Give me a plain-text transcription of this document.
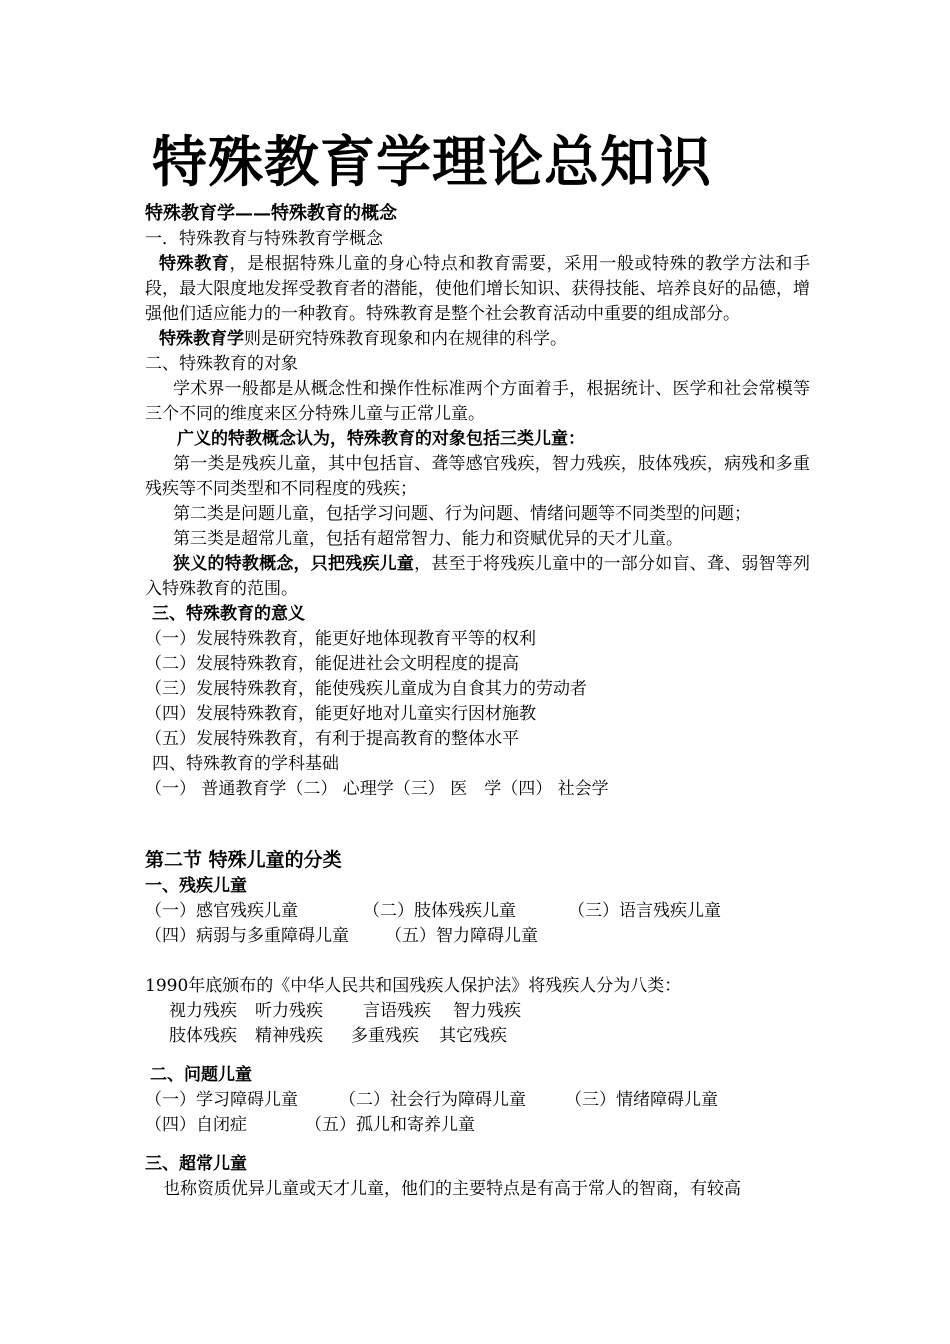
特殊教育学理论总知识
特殊教育学——特殊教育的概念
一．特殊教育与特殊教育学概念
特殊教育，是根据特殊儿童的身心特点和教育需要，采用一般或特殊的教学方法和手段，最大限度地发挥受教育者的潜能，使他们增长知识、获得技能、培养良好的品德，增强他们适应能力的一种教育。特殊教育是整个社会教育活动中重要的组成部分。
特殊教育学则是研究特殊教育现象和内在规律的科学。
二、特殊教育的对象
学术界一般都是从概念性和操作性标准两个方面着手，根据统计、医学和社会常模等三个不同的维度来区分特殊儿童与正常儿童。
广义的特教概念认为，特殊教育的对象包括三类儿童：
第一类是残疾儿童，其中包括盲、聋等感官残疾，智力残疾，肢体残疾，病残和多重残疾等不同类型和不同程度的残疾；
第二类是问题儿童，包括学习问题、行为问题、情绪问题等不同类型的问题；
第三类是超常儿童，包括有超常智力、能力和资赋优异的天才儿童。
狭义的特教概念，只把残疾儿童，甚至于将残疾儿童中的一部分如盲、聋、弱智等列入特殊教育的范围。
三、特殊教育的意义
（一）发展特殊教育，能更好地体现教育平等的权利
（二）发展特殊教育，能促进社会文明程度的提高
（三）发展特殊教育，能使残疾儿童成为自食其力的劳动者
（四）发展特殊教育，能更好地对儿童实行因材施教
（五）发展特殊教育，有利于提高教育的整体水平
四、特殊教育的学科基础
（一） 普通教育学（二） 心理学（三） 医　学（四） 社会学
第二节 特殊儿童的分类
一、残疾儿童
（一）感官残疾儿童	（二）肢体残疾儿童	（三）语言残疾儿童
（四）病弱与多重障碍儿童 （五）智力障碍儿童
1990年底颁布的《中华人民共和国残疾人保护法》将残疾人分为八类：
视力残疾 听力残疾 言语残疾 智力残疾
肢体残疾 精神残疾 多重残疾 其它残疾
二、问题儿童
（一）学习障碍儿童 （二）社会行为障碍儿童 （三）情绪障碍儿童
（四）自闭症	（五）孤儿和寄养儿童
三、超常儿童
也称资质优异儿童或天才儿童，他们的主要特点是有高于常人的智商，有较高
